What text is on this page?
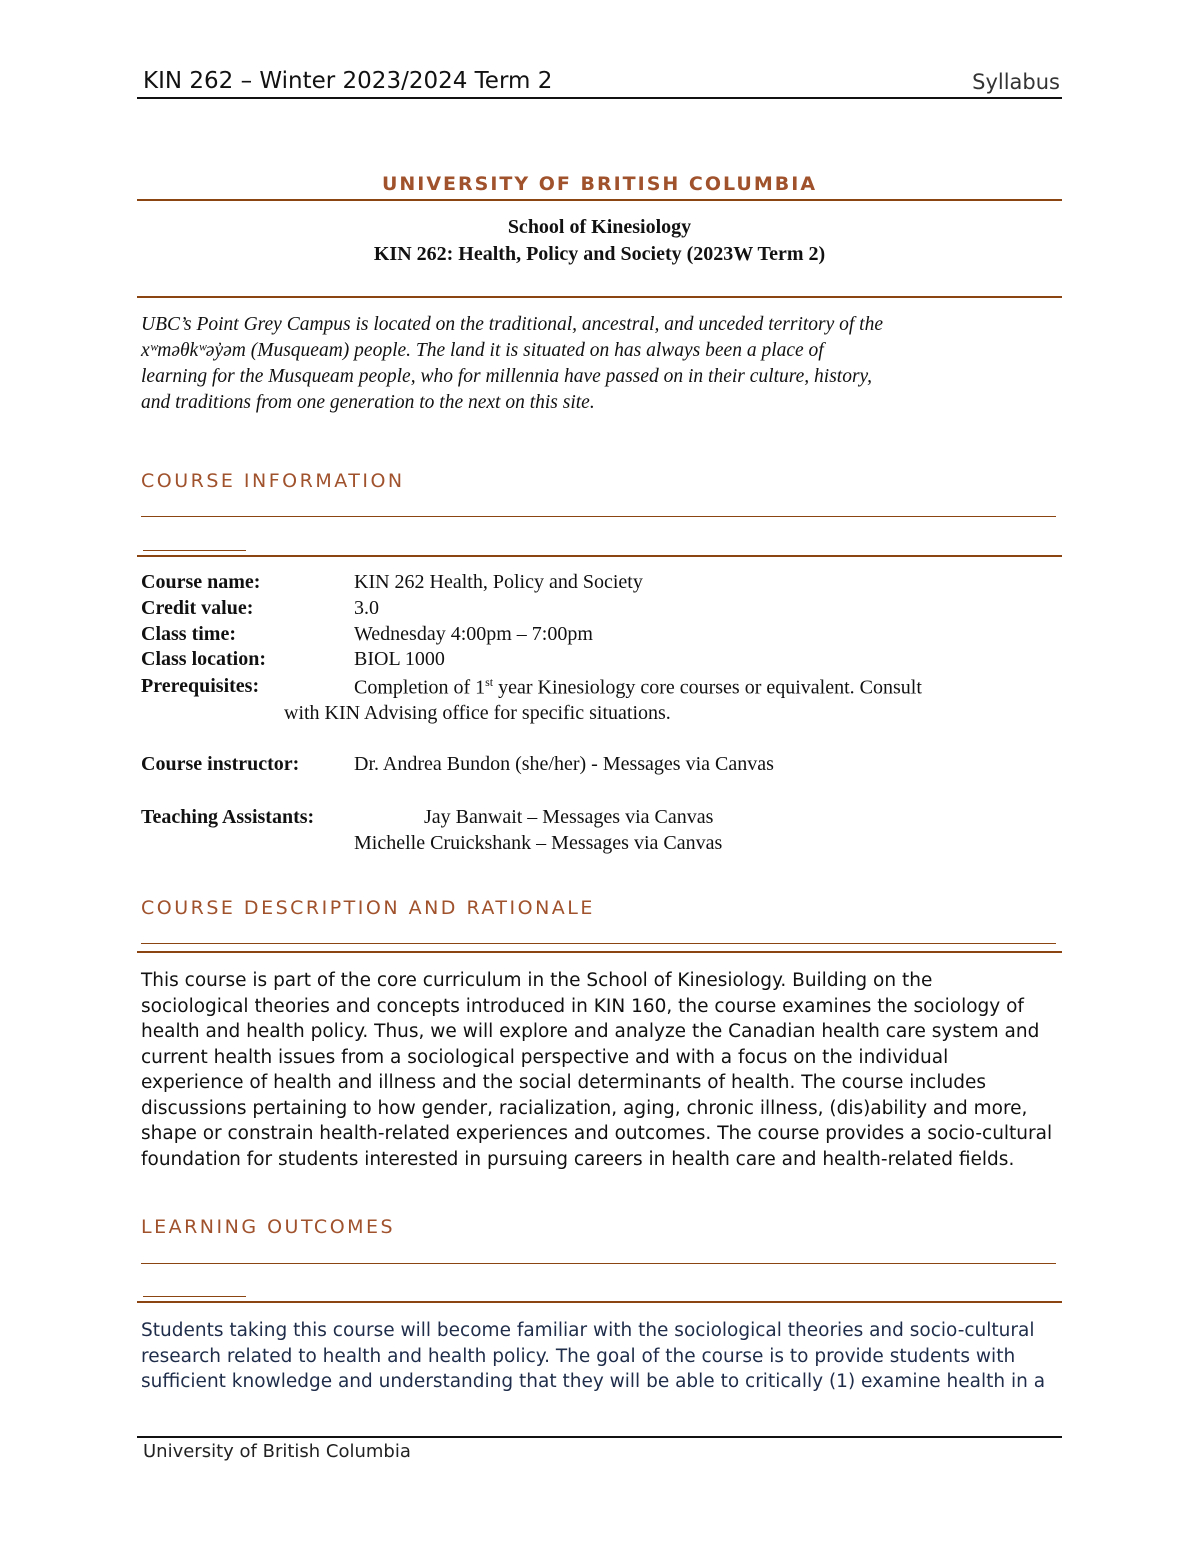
KIN 262 – Winter 2023/2024 Term 2	Syllabus
UNIVERSITY OF BRITISH COLUMBIA
School of Kinesiology
KIN 262: Health, Policy and Society (2023W Term 2)
UBC’s Point Grey Campus is located on the traditional, ancestral, and unceded territory of the
xʷməθkʷəy̓əm (Musqueam) people. The land it is situated on has always been a place of
learning for the Musqueam people, who for millennia have passed on in their culture, history,
and traditions from one generation to the next on this site.
COURSE INFORMATION
Course name:	KIN 262 Health, Policy and Society
Credit value:	3.0
Class time:	Wednesday 4:00pm – 7:00pm
Class location:	BIOL 1000
Prerequisites:	Completion of 1st year Kinesiology core courses or equivalent. Consult
with KIN Advising office for specific situations.
Course instructor:	Dr. Andrea Bundon (she/her) - Messages via Canvas
Teaching Assistants:	Jay Banwait – Messages via Canvas
Michelle Cruickshank – Messages via Canvas
COURSE DESCRIPTION AND RATIONALE
This course is part of the core curriculum in the School of Kinesiology. Building on the
sociological theories and concepts introduced in KIN 160, the course examines the sociology of
health and health policy. Thus, we will explore and analyze the Canadian health care system and
current health issues from a sociological perspective and with a focus on the individual
experience of health and illness and the social determinants of health. The course includes
discussions pertaining to how gender, racialization, aging, chronic illness, (dis)ability and more,
shape or constrain health-related experiences and outcomes. The course provides a socio-cultural
foundation for students interested in pursuing careers in health care and health-related fields.
LEARNING OUTCOMES
Students taking this course will become familiar with the sociological theories and socio-cultural
research related to health and health policy. The goal of the course is to provide students with
sufficient knowledge and understanding that they will be able to critically (1) examine health in a
University of British Columbia
